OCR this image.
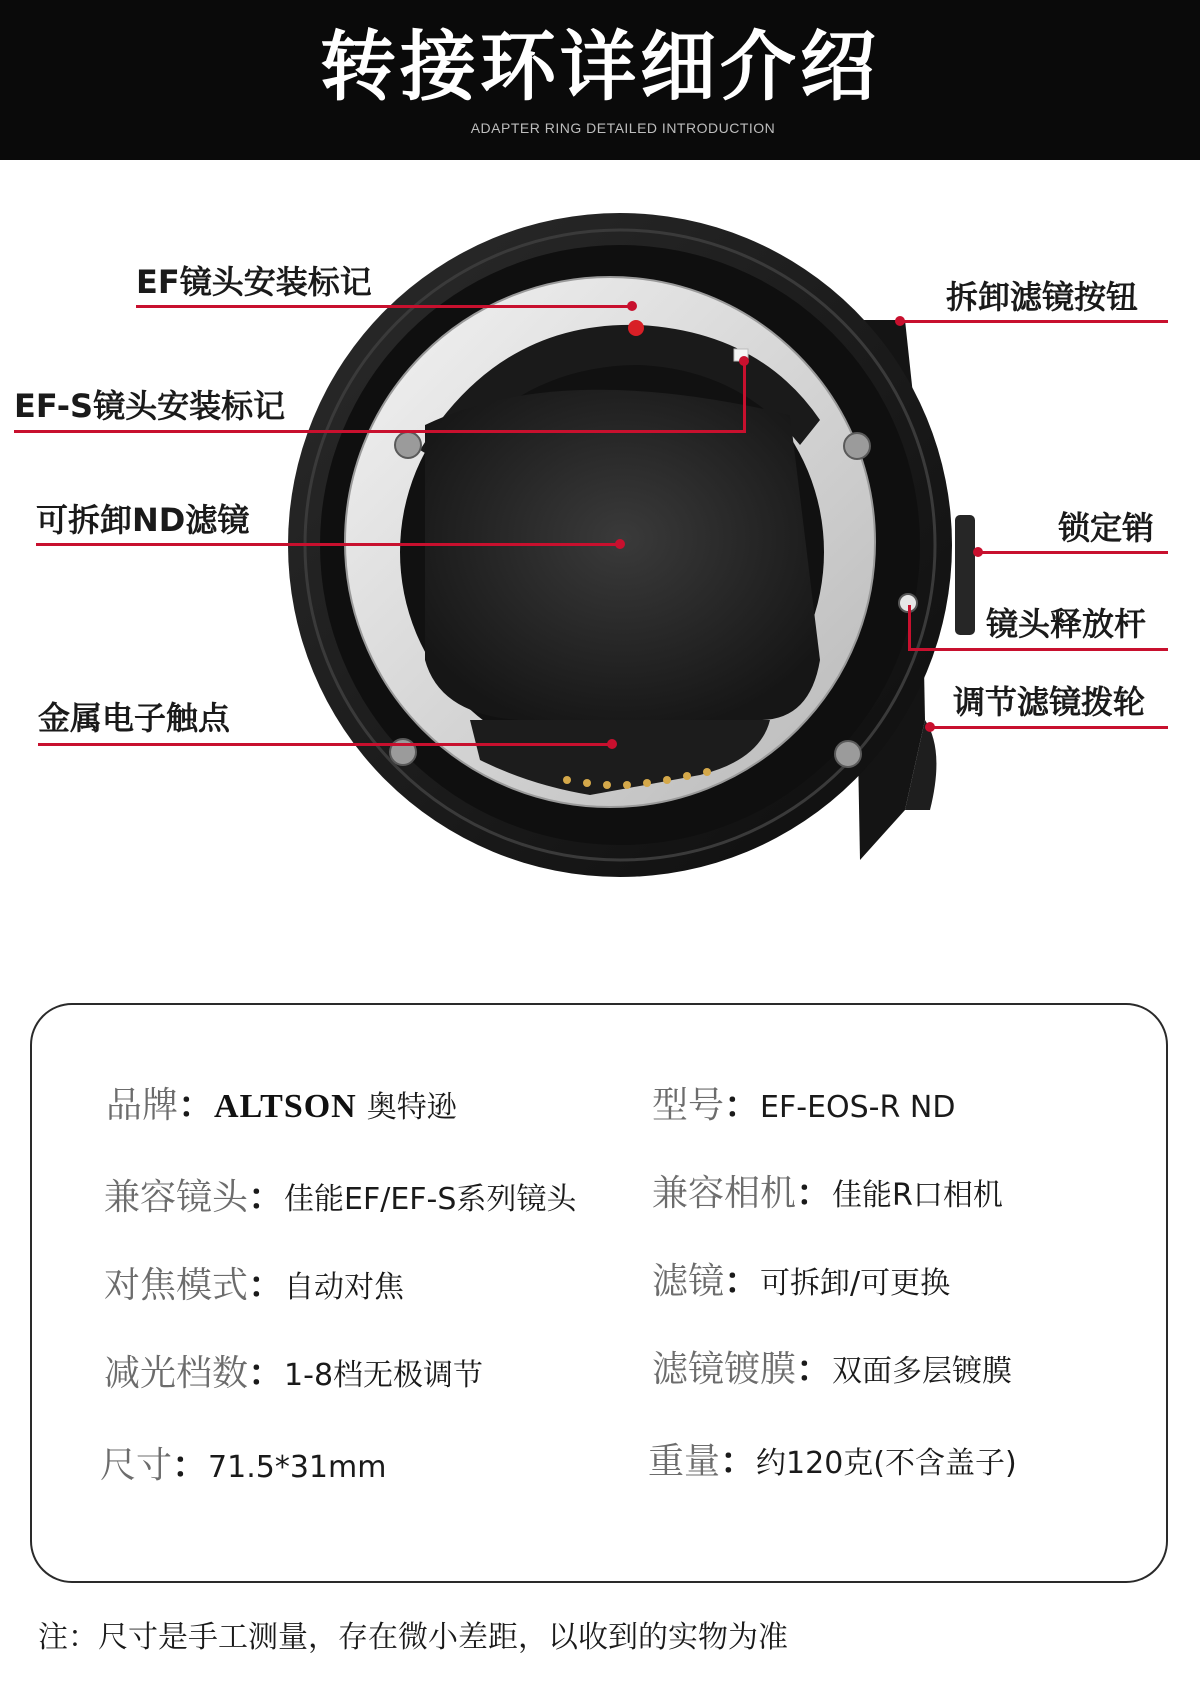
转接环详细介绍
ADAPTER RING DETAILED INTRODUCTION
EF镜头安装标记
EF-S镜头安装标记
可拆卸ND滤镜
金属电子触点
拆卸滤镜按钮
锁定销
镜头释放杆
调节滤镜拨轮
品牌：ALTSON 奥特逊	型号：EF-EOS-R ND
兼容镜头：佳能EF/EF-S系列镜头 兼容相机：佳能R口相机
对焦模式：自动对焦	滤镜：可拆卸/可更换
减光档数：1-8档无极调节	滤镜镀膜：双面多层镀膜
尺寸：71.5*31mm	重量：约120克(不含盖子)
注：尺寸是手工测量，存在微小差距，以收到的实物为准
